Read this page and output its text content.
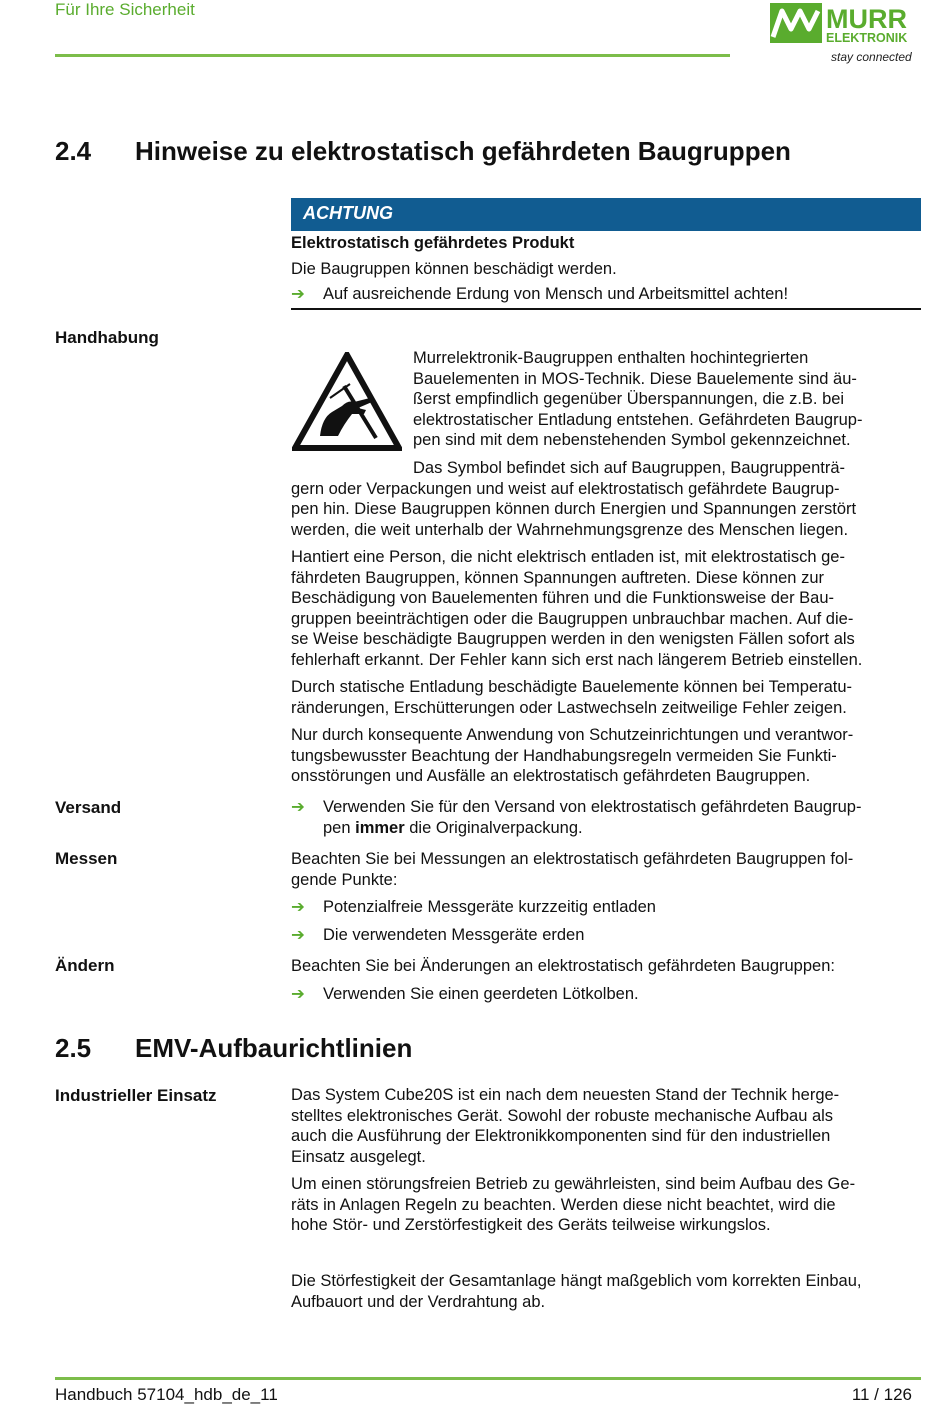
Für Ihre Sicherheit	MURR
ELEKTRONIK
stay connected
2.4 Hinweise zu elektrostatisch gefährdeten Baugruppen
ACHTUNG
Elektrostatisch gefährdetes Produkt
Die Baugruppen können beschädigt werden.
➔ Auf ausreichende Erdung von Mensch und Arbeitsmittel achten!
Handhabung
Murrelektronik-Baugruppen enthalten hochintegrierten
Bauelementen in MOS-Technik. Diese Bauelemente sind äu-
ßerst empfindlich gegenüber Überspannungen, die z.B. bei
elektrostatischer Entladung entstehen. Gefährdeten Baugrup-
pen sind mit dem nebenstehenden Symbol gekennzeichnet.
Das Symbol befindet sich auf Baugruppen, Baugruppenträ-
gern oder Verpackungen und weist auf elektrostatisch gefährdete Baugrup-
pen hin. Diese Baugruppen können durch Energien und Spannungen zerstört
werden, die weit unterhalb der Wahrnehmungsgrenze des Menschen liegen.
Hantiert eine Person, die nicht elektrisch entladen ist, mit elektrostatisch ge-
fährdeten Baugruppen, können Spannungen auftreten. Diese können zur
Beschädigung von Bauelementen führen und die Funktionsweise der Bau-
gruppen beeinträchtigen oder die Baugruppen unbrauchbar machen. Auf die-
se Weise beschädigte Baugruppen werden in den wenigsten Fällen sofort als
fehlerhaft erkannt. Der Fehler kann sich erst nach längerem Betrieb einstellen.
Durch statische Entladung beschädigte Bauelemente können bei Temperatu-
ränderungen, Erschütterungen oder Lastwechseln zeitweilige Fehler zeigen.
Nur durch konsequente Anwendung von Schutzeinrichtungen und verantwor-
tungsbewusster Beachtung der Handhabungsregeln vermeiden Sie Funkti-
onsstörungen und Ausfälle an elektrostatisch gefährdeten Baugruppen.
Versand	➔ Verwenden Sie für den Versand von elektrostatisch gefährdeten Baugrup-
pen immer die Originalverpackung.
Messen	Beachten Sie bei Messungen an elektrostatisch gefährdeten Baugruppen fol-
gende Punkte:
➔ Potenzialfreie Messgeräte kurzzeitig entladen
➔ Die verwendeten Messgeräte erden
Ändern	Beachten Sie bei Änderungen an elektrostatisch gefährdeten Baugruppen:
➔ Verwenden Sie einen geerdeten Lötkolben.
2.5 EMV-Aufbaurichtlinien
Industrieller Einsatz	Das System Cube20S ist ein nach dem neuesten Stand der Technik herge-
stelltes elektronisches Gerät. Sowohl der robuste mechanische Aufbau als
auch die Ausführung der Elektronikkomponenten sind für den industriellen
Einsatz ausgelegt.
Um einen störungsfreien Betrieb zu gewährleisten, sind beim Aufbau des Ge-
räts in Anlagen Regeln zu beachten. Werden diese nicht beachtet, wird die
hohe Stör- und Zerstörfestigkeit des Geräts teilweise wirkungslos.
Die Störfestigkeit der Gesamtanlage hängt maßgeblich vom korrekten Einbau,
Aufbauort und der Verdrahtung ab.
Handbuch 57104_hdb_de_11	11 / 126
